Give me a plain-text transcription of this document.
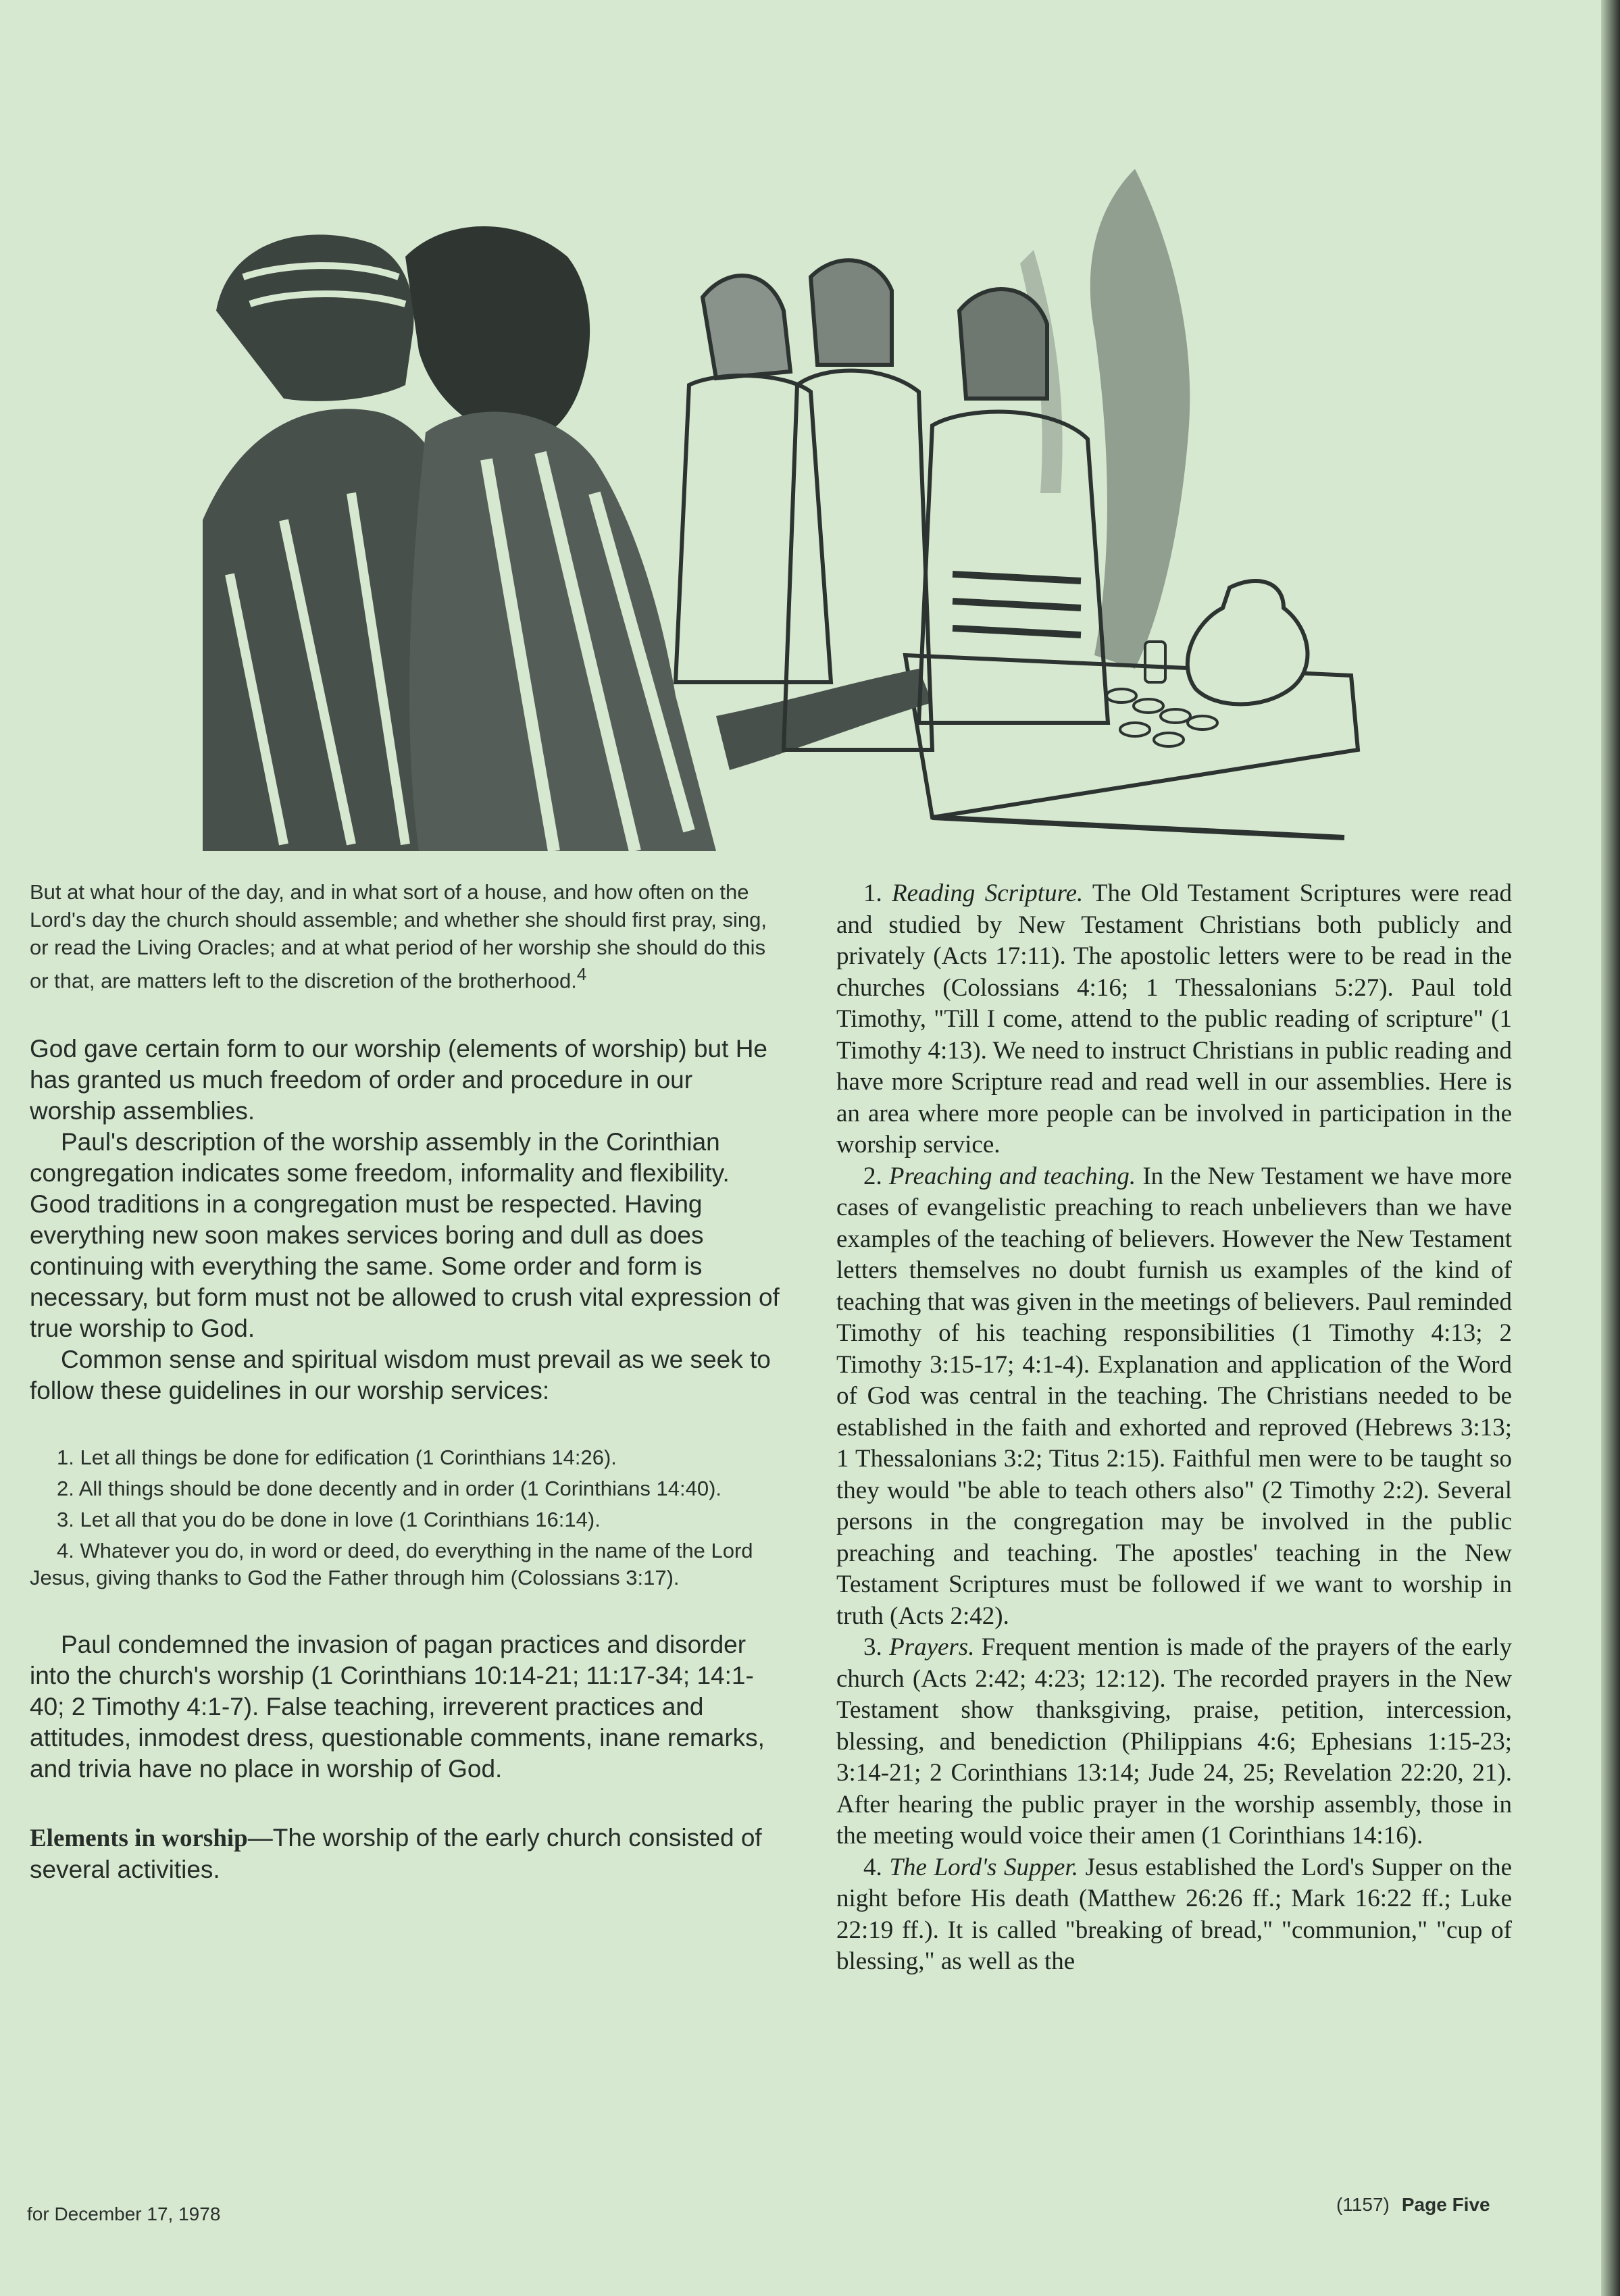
But at what hour of the day, and in what sort of a house, and how often on the Lord's day the church should assemble; and whether she should first pray, sing, or read the Living Oracles; and at what period of her worship she should do this or that, are matters left to the discretion of the brotherhood.$^4$

God gave certain form to our worship (elements of worship) but He has granted us much freedom of order and procedure in our worship assemblies.

Paul's description of the worship assembly in the Corinthian congregation indicates some freedom, informality and flexibility. Good traditions in a congregation must be respected. Having everything new soon makes services boring and dull as does continuing with everything the same. Some order and form is necessary, but form must not be allowed to crush vital expression of true worship to God.

Common sense and spiritual wisdom must prevail as we seek to follow these guidelines in our worship services:

1. Let all things be done for edification (1 Corinthians 14:26).

2. All things should be done decently and in order (1 Corinthians 14:40).

3. Let all that you do be done in love (1 Corinthians 16:14).

4. Whatever you do, in word or deed, do everything in the name of the Lord Jesus, giving thanks to God the Father through him (Colossians 3:17).

Paul condemned the invasion of pagan practices and disorder into the church's worship (1 Corinthians 10:14-21; 11:17-34; 14:1-40; 2 Timothy 4:1-7). False teaching, irreverent practices and attitudes, inmodest dress, questionable comments, inane remarks, and trivia have no place in worship of God.

Elements in worship—The worship of the early church consisted of several activities.

1. Reading Scripture. The Old Testament Scriptures were read and studied by New Testament Christians both publicly and privately (Acts 17:11). The apostolic letters were to be read in the churches (Colossians 4:16; 1 Thessalonians 5:27). Paul told Timothy, "Till I come, attend to the public reading of scripture" (1 Timothy 4:13). We need to instruct Christians in public reading and have more Scripture read and read well in our assemblies. Here is an area where more people can be involved in participation in the worship service.

2. Preaching and teaching. In the New Testament we have more cases of evangelistic preaching to reach unbelievers than we have examples of the teaching of believers. However the New Testament letters themselves no doubt furnish us examples of the kind of teaching that was given in the meetings of believers. Paul reminded Timothy of his teaching responsibilities (1 Timothy 4:13; 2 Timothy 3:15-17; 4:1-4). Explanation and application of the Word of God was central in the teaching. The Christians needed to be established in the faith and exhorted and reproved (Hebrews 3:13; 1 Thessalonians 3:2; Titus 2:15). Faithful men were to be taught so they would "be able to teach others also" (2 Timothy 2:2). Several persons in the congregation may be involved in the public preaching and teaching. The apostles' teaching in the New Testament Scriptures must be followed if we want to worship in truth (Acts 2:42).

3. Prayers. Frequent mention is made of the prayers of the early church (Acts 2:42; 4:23; 12:12). The recorded prayers in the New Testament show thanksgiving, praise, petition, intercession, blessing, and benediction (Philippians 4:6; Ephesians 1:15-23; 3:14-21; 2 Corinthians 13:14; Jude 24, 25; Revelation 22:20, 21). After hearing the public prayer in the worship assembly, those in the meeting would voice their amen (1 Corinthians 14:16).

4. The Lord's Supper. Jesus established the Lord's Supper on the night before His death (Matthew 26:26 ff.; Mark 16:22 ff.; Luke 22:19 ff.). It is called "breaking of bread," "communion," "cup of blessing," as well as the

for December 17, 1978	(1157) Page Five
